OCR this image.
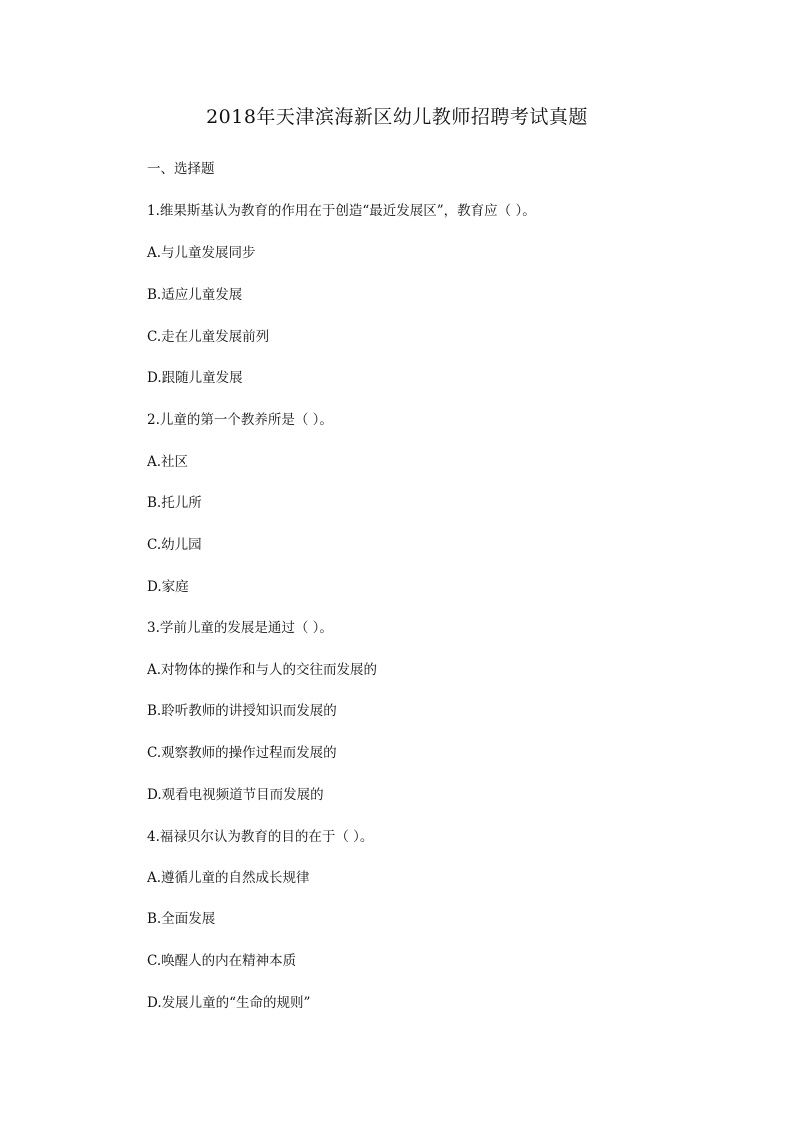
2018年天津滨海新区幼儿教师招聘考试真题
一、选择题
1.维果斯基认为教育的作用在于创造“最近发展区”，教育应（ ）。
A.与儿童发展同步
B.适应儿童发展
C.走在儿童发展前列
D.跟随儿童发展
2.儿童的第一个教养所是（ ）。
A.社区
B.托儿所
C.幼儿园
D.家庭
3.学前儿童的发展是通过（ ）。
A.对物体的操作和与人的交往而发展的
B.聆听教师的讲授知识而发展的
C.观察教师的操作过程而发展的
D.观看电视频道节目而发展的
4.福禄贝尔认为教育的目的在于（ ）。
A.遵循儿童的自然成长规律
B.全面发展
C.唤醒人的内在精神本质
D.发展儿童的“生命的规则”
